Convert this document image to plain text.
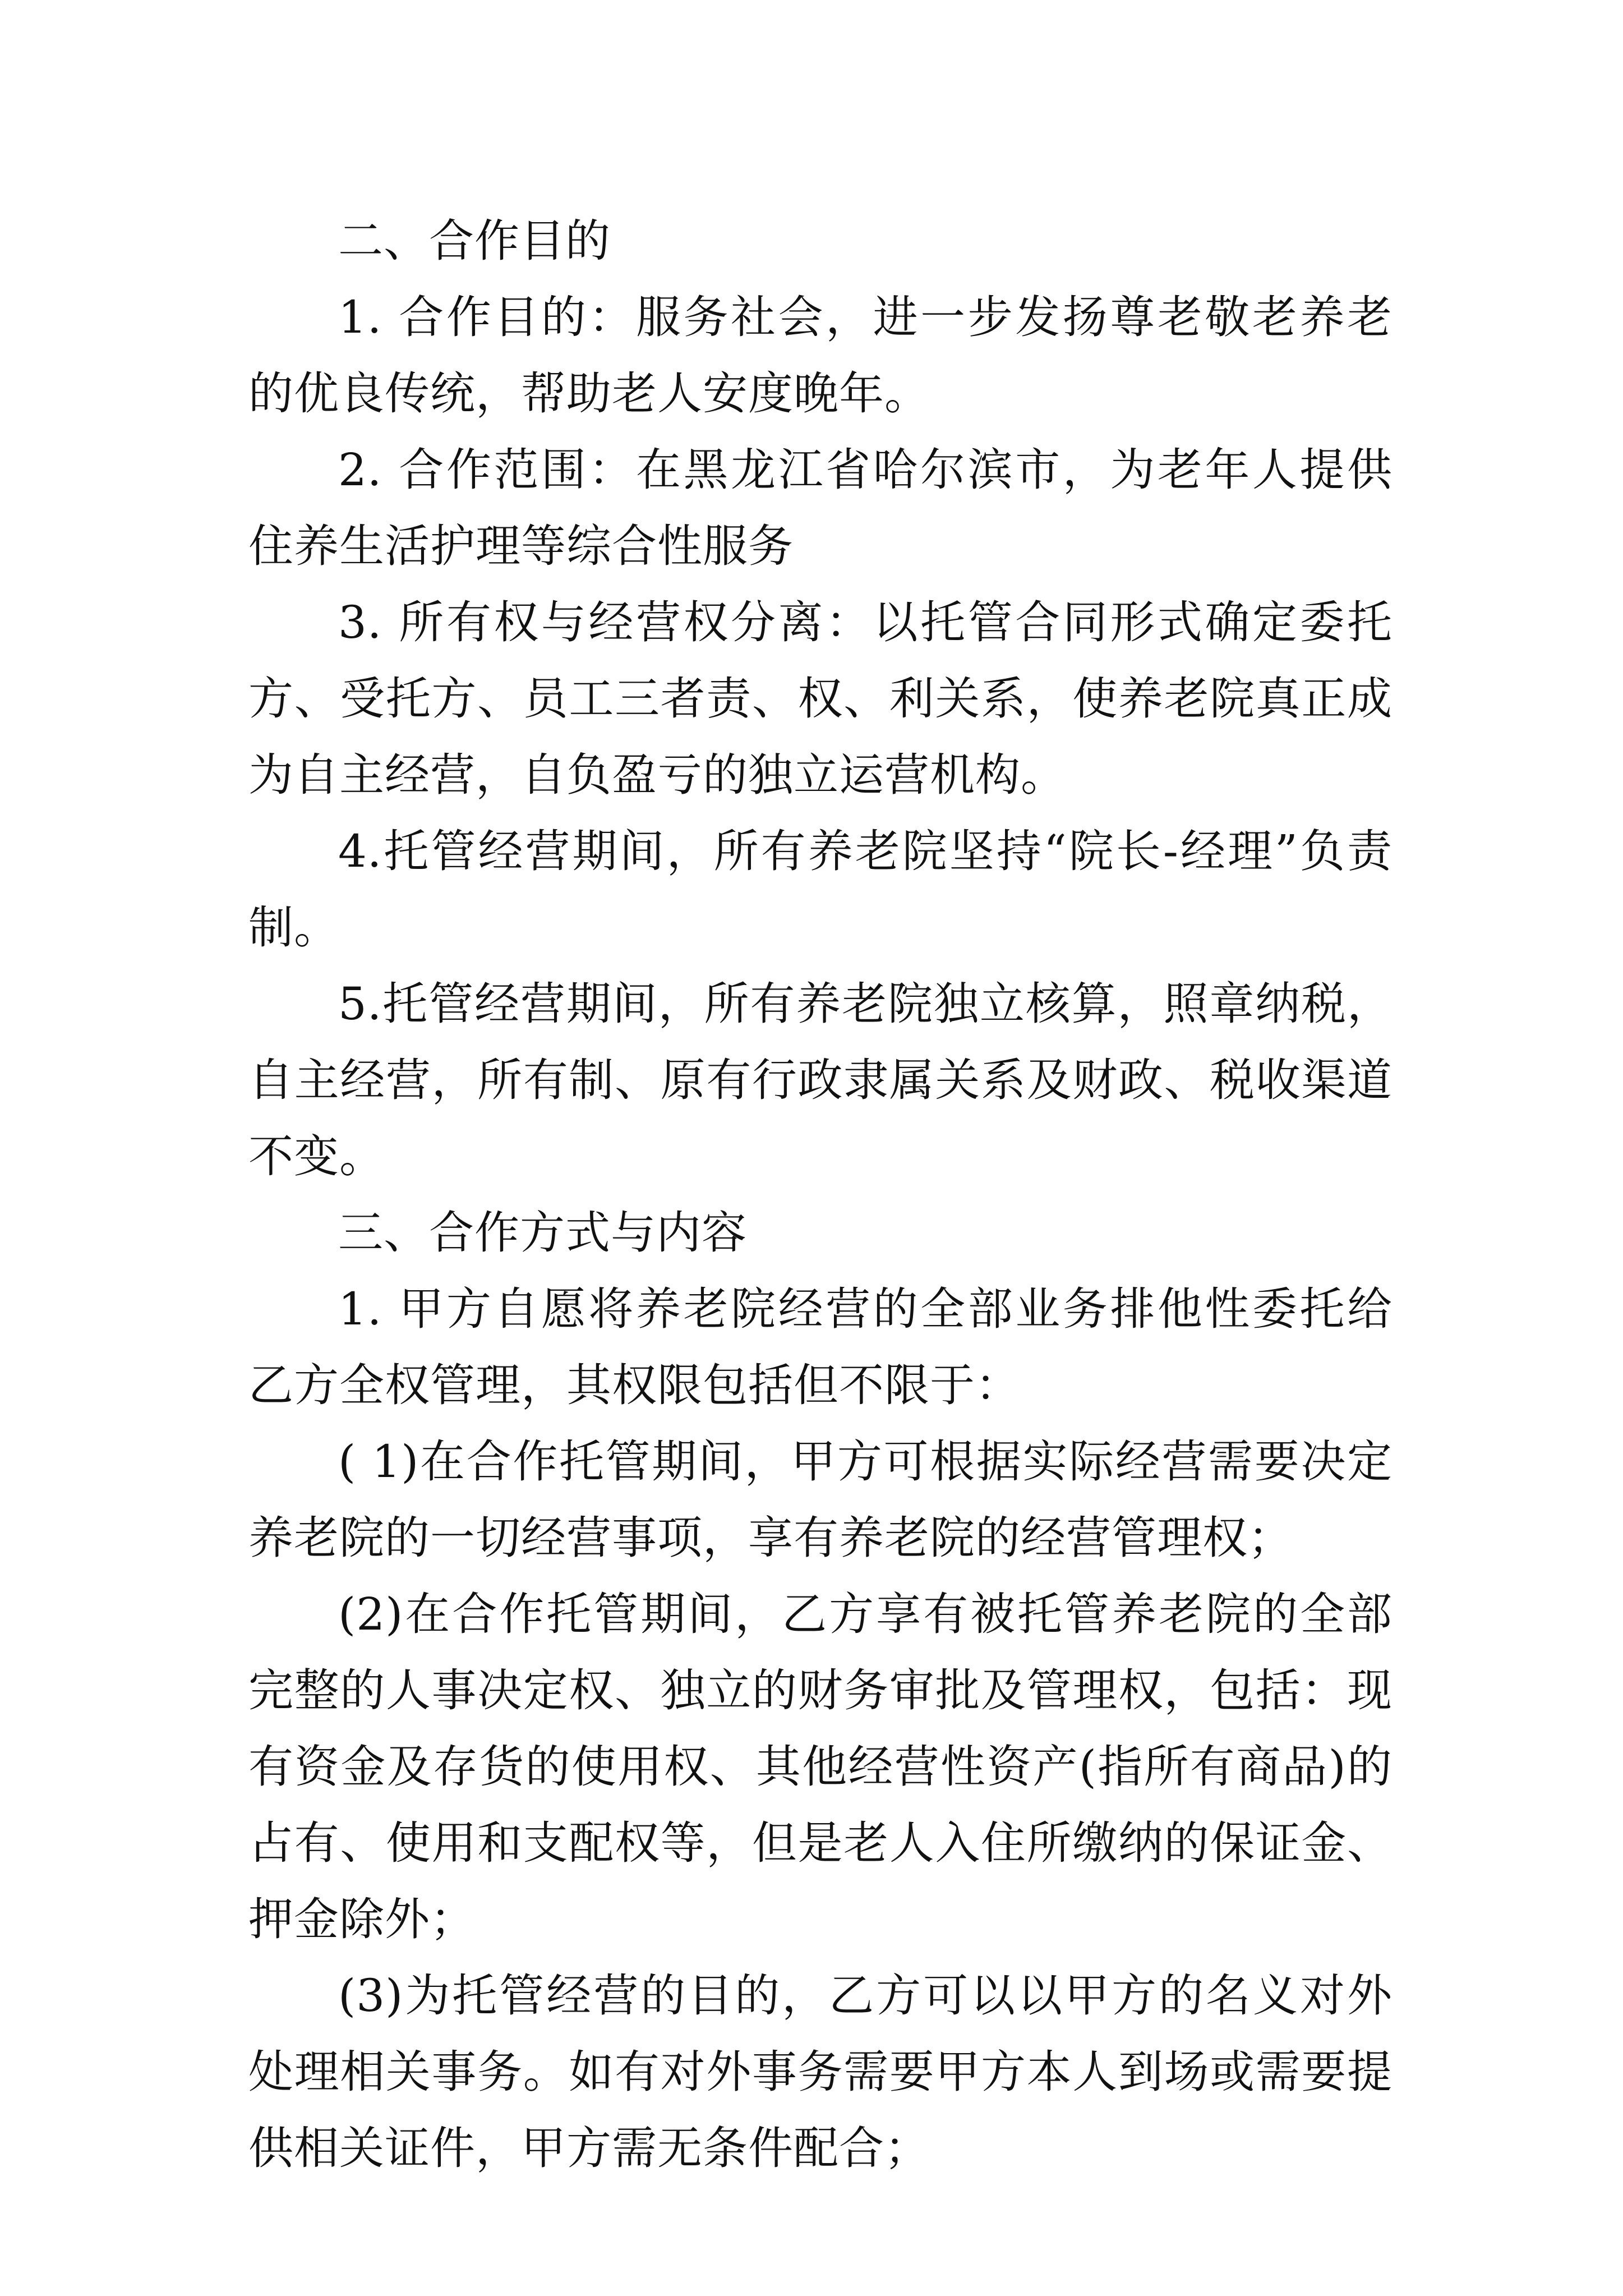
二、合作目的

1. 合作目的：服务社会，进一步发扬尊老敬老养老的优良传统，帮助老人安度晚年。

2. 合作范围：在黑龙江省哈尔滨市，为老年人提供住养生活护理等综合性服务

3. 所有权与经营权分离：以托管合同形式确定委托方、受托方、员工三者责、权、利关系，使养老院真正成为自主经营，自负盈亏的独立运营机构。

4.托管经营期间，所有养老院坚持“院长-经理”负责制。

5.托管经营期间，所有养老院独立核算，照章纳税，自主经营，所有制、原有行政隶属关系及财政、税收渠道不变。

三、合作方式与内容

1. 甲方自愿将养老院经营的全部业务排他性委托给乙方全权管理，其权限包括但不限于：

( 1)在合作托管期间，甲方可根据实际经营需要决定养老院的一切经营事项，享有养老院的经营管理权；

(2)在合作托管期间，乙方享有被托管养老院的全部完整的人事决定权、独立的财务审批及管理权，包括：现有资金及存货的使用权、其他经营性资产(指所有商品)的占有、使用和支配权等，但是老人入住所缴纳的保证金、押金除外；

(3)为托管经营的目的，乙方可以以甲方的名义对外处理相关事务。如有对外事务需要甲方本人到场或需要提供相关证件，甲方需无条件配合；
